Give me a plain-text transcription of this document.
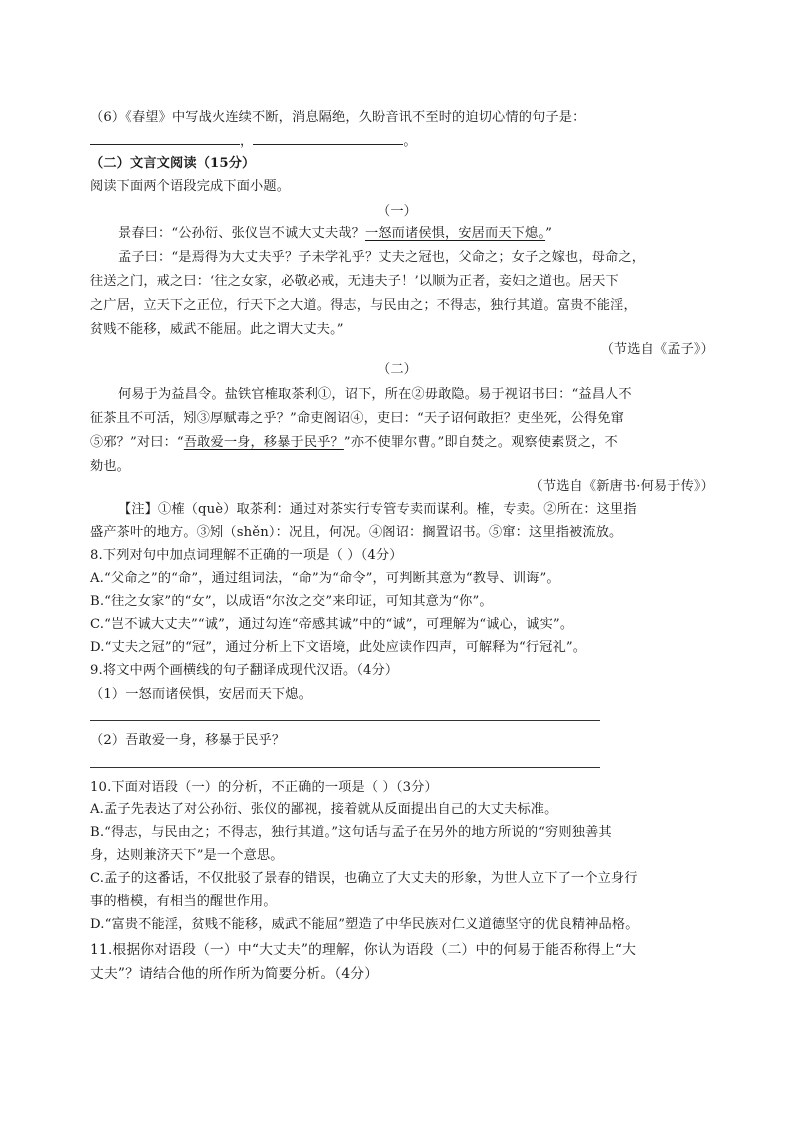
（6）《春望》中写战火连续不断，消息隔绝，久盼音讯不至时的迫切心情的句子是：
，	。
（二）文言文阅读（15分）
阅读下面两个语段完成下面小题。
（一）
景春曰：“公孙衍、张仪岂不诚大丈夫哉？一怒而诸侯惧，安居而天下熄。”
孟子曰：“是焉得为大丈夫乎？子未学礼乎？丈夫之冠也，父命之；女子之嫁也，母命之，
往送之门，戒之曰：‘往之女家，必敬必戒，无违夫子！’以顺为正者，妾妇之道也。居天下
之广居，立天下之正位，行天下之大道。得志，与民由之；不得志，独行其道。富贵不能淫，
贫贱不能移，威武不能屈。此之谓大丈夫。”
（节选自《孟子》）
（二）
何易于为益昌令。盐铁官榷取茶利①，诏下，所在②毋敢隐。易于视诏书曰：“益昌人不
征茶且不可活，矧③厚赋毒之乎？”命吏阁诏④，吏曰：“天子诏何敢拒？吏坐死，公得免窜
⑤邪？”对曰：“吾敢爱一身，移暴于民乎？”亦不使罪尔曹。”即自焚之。观察使素贤之，不
劾也。
（节选自《新唐书·何易于传》）
【注】①榷（què）取茶利：通过对茶实行专管专卖而谋利。榷，专卖。②所在：这里指
盛产茶叶的地方。③矧（shěn）：况且，何况。④阁诏：搁置诏书。⑤窜：这里指被流放。
8.下列对句中加点词理解不正确的一项是（ ）（4分）
A.“父命之”的“命”，通过组词法，“命”为“命令”，可判断其意为“教导、训诲”。
B.“往之女家”的“女”，以成语“尔汝之交”来印证，可知其意为“你”。
C.“岂不诚大丈夫”“诚”，通过勾连“帝感其诚”中的“诚”，可理解为“诚心，诚实”。
D.“丈夫之冠”的“冠”，通过分析上下文语境，此处应读作四声，可解释为“行冠礼”。
9.将文中两个画横线的句子翻译成现代汉语。（4分）
（1）一怒而诸侯惧，安居而天下熄。
（2）吾敢爱一身，移暴于民乎？
10.下面对语段（一）的分析，不正确的一项是（ ）（3分）
A.孟子先表达了对公孙衍、张仪的鄙视，接着就从反面提出自己的大丈夫标准。
B.“得志，与民由之；不得志，独行其道。”这句话与孟子在另外的地方所说的“穷则独善其
身，达则兼济天下”是一个意思。
C.孟子的这番话，不仅批驳了景春的错误，也确立了大丈夫的形象，为世人立下了一个立身行
事的楷模，有相当的醒世作用。
D.“富贵不能淫，贫贱不能移，威武不能屈”塑造了中华民族对仁义道德坚守的优良精神品格。
11.根据你对语段（一）中“大丈夫”的理解，你认为语段（二）中的何易于能否称得上“大
丈夫”？请结合他的所作所为简要分析。（4分）
